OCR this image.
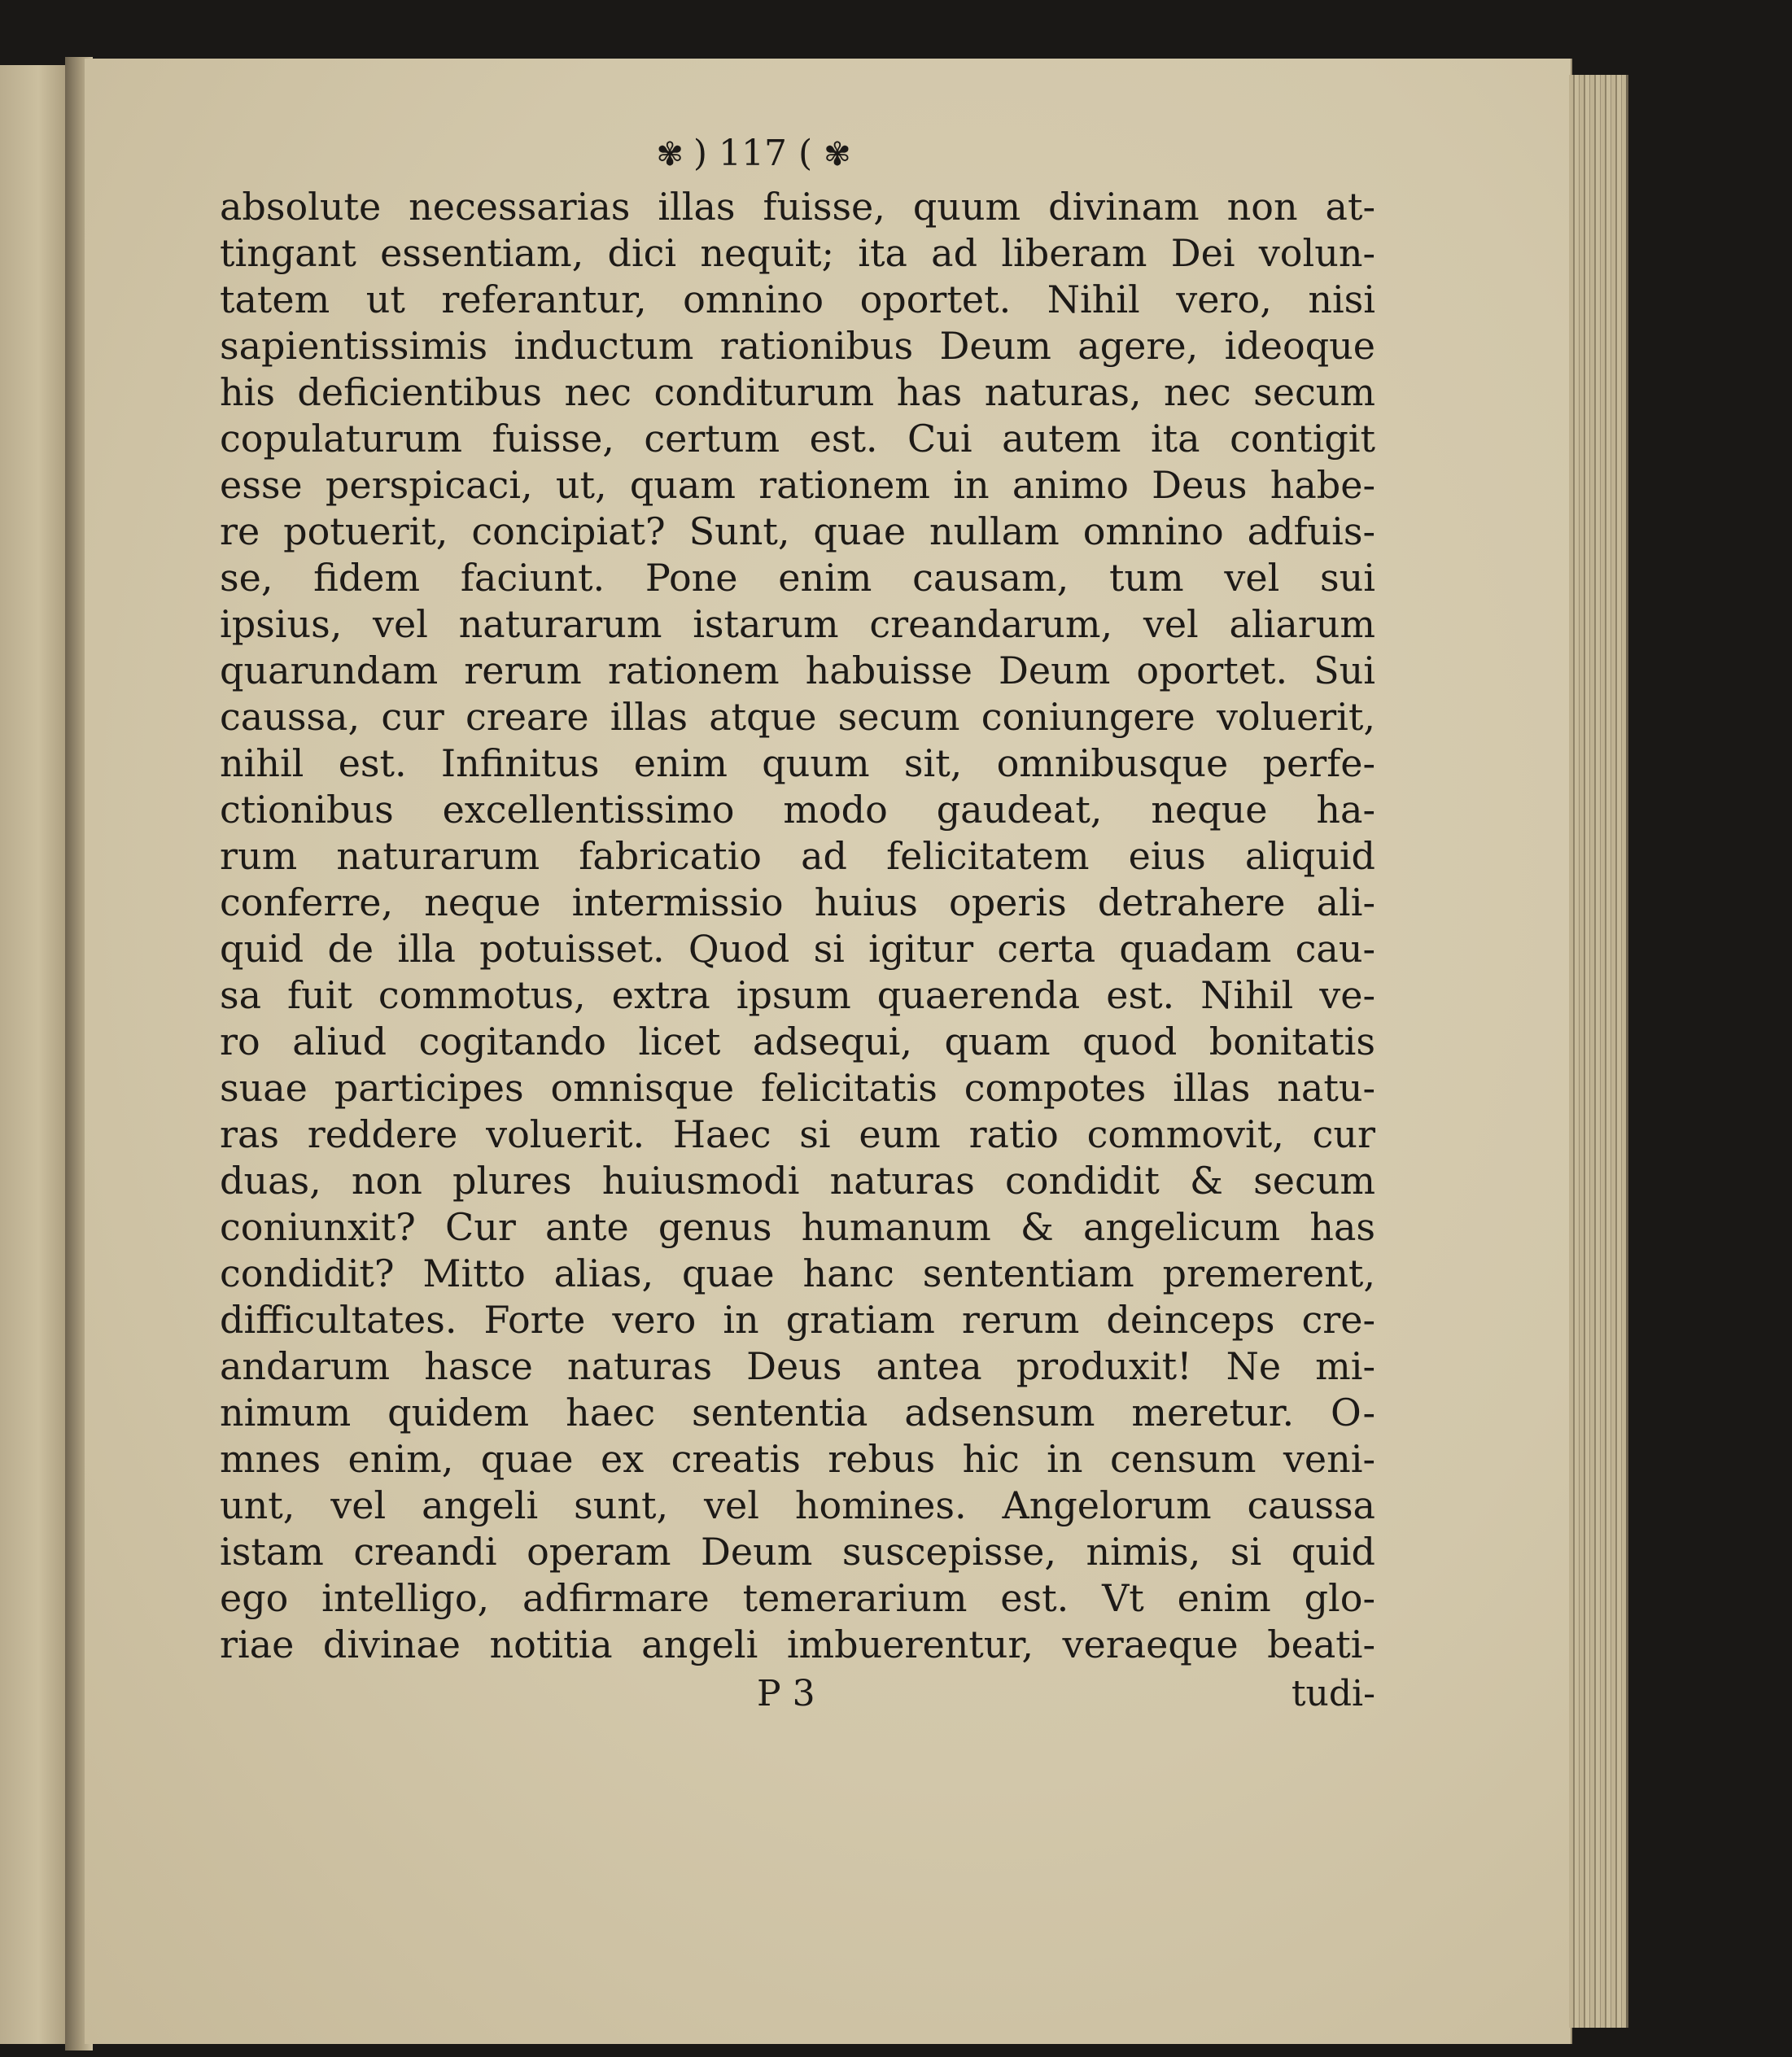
✾ ) 117 ( ✾
absolute necessarias illas fuisse, quum divinam non at-
tingant essentiam, dici nequit; ita ad liberam Dei volun-
tatem ut referantur, omnino oportet. Nihil vero, nisi
sapientissimis inductum rationibus Deum agere, ideoque
his deficientibus nec conditurum has naturas, nec secum
copulaturum fuisse, certum est. Cui autem ita contigit
esse perspicaci, ut, quam rationem in animo Deus habe-
re potuerit, concipiat? Sunt, quae nullam omnino adfuis-
se, fidem faciunt. Pone enim causam, tum vel sui
ipsius, vel naturarum istarum creandarum, vel aliarum
quarundam rerum rationem habuisse Deum oportet. Sui
caussa, cur creare illas atque secum coniungere voluerit,
nihil est. Infinitus enim quum sit, omnibusque perfe-
ctionibus excellentissimo modo gaudeat, neque ha-
rum naturarum fabricatio ad felicitatem eius aliquid
conferre, neque intermissio huius operis detrahere ali-
quid de illa potuisset. Quod si igitur certa quadam cau-
sa fuit commotus, extra ipsum quaerenda est. Nihil ve-
ro aliud cogitando licet adsequi, quam quod bonitatis
suae participes omnisque felicitatis compotes illas natu-
ras reddere voluerit. Haec si eum ratio commovit, cur
duas, non plures huiusmodi naturas condidit & secum
coniunxit? Cur ante genus humanum & angelicum has
condidit? Mitto alias, quae hanc sententiam premerent,
difficultates. Forte vero in gratiam rerum deinceps cre-
andarum hasce naturas Deus antea produxit! Ne mi-
nimum quidem haec sententia adsensum meretur. O-
mnes enim, quae ex creatis rebus hic in censum veni-
unt, vel angeli sunt, vel homines. Angelorum caussa
istam creandi operam Deum suscepisse, nimis, si quid
ego intelligo, adfirmare temerarium est. Vt enim glo-
riae divinae notitia angeli imbuerentur, veraeque beati-
P 3	tudi-
